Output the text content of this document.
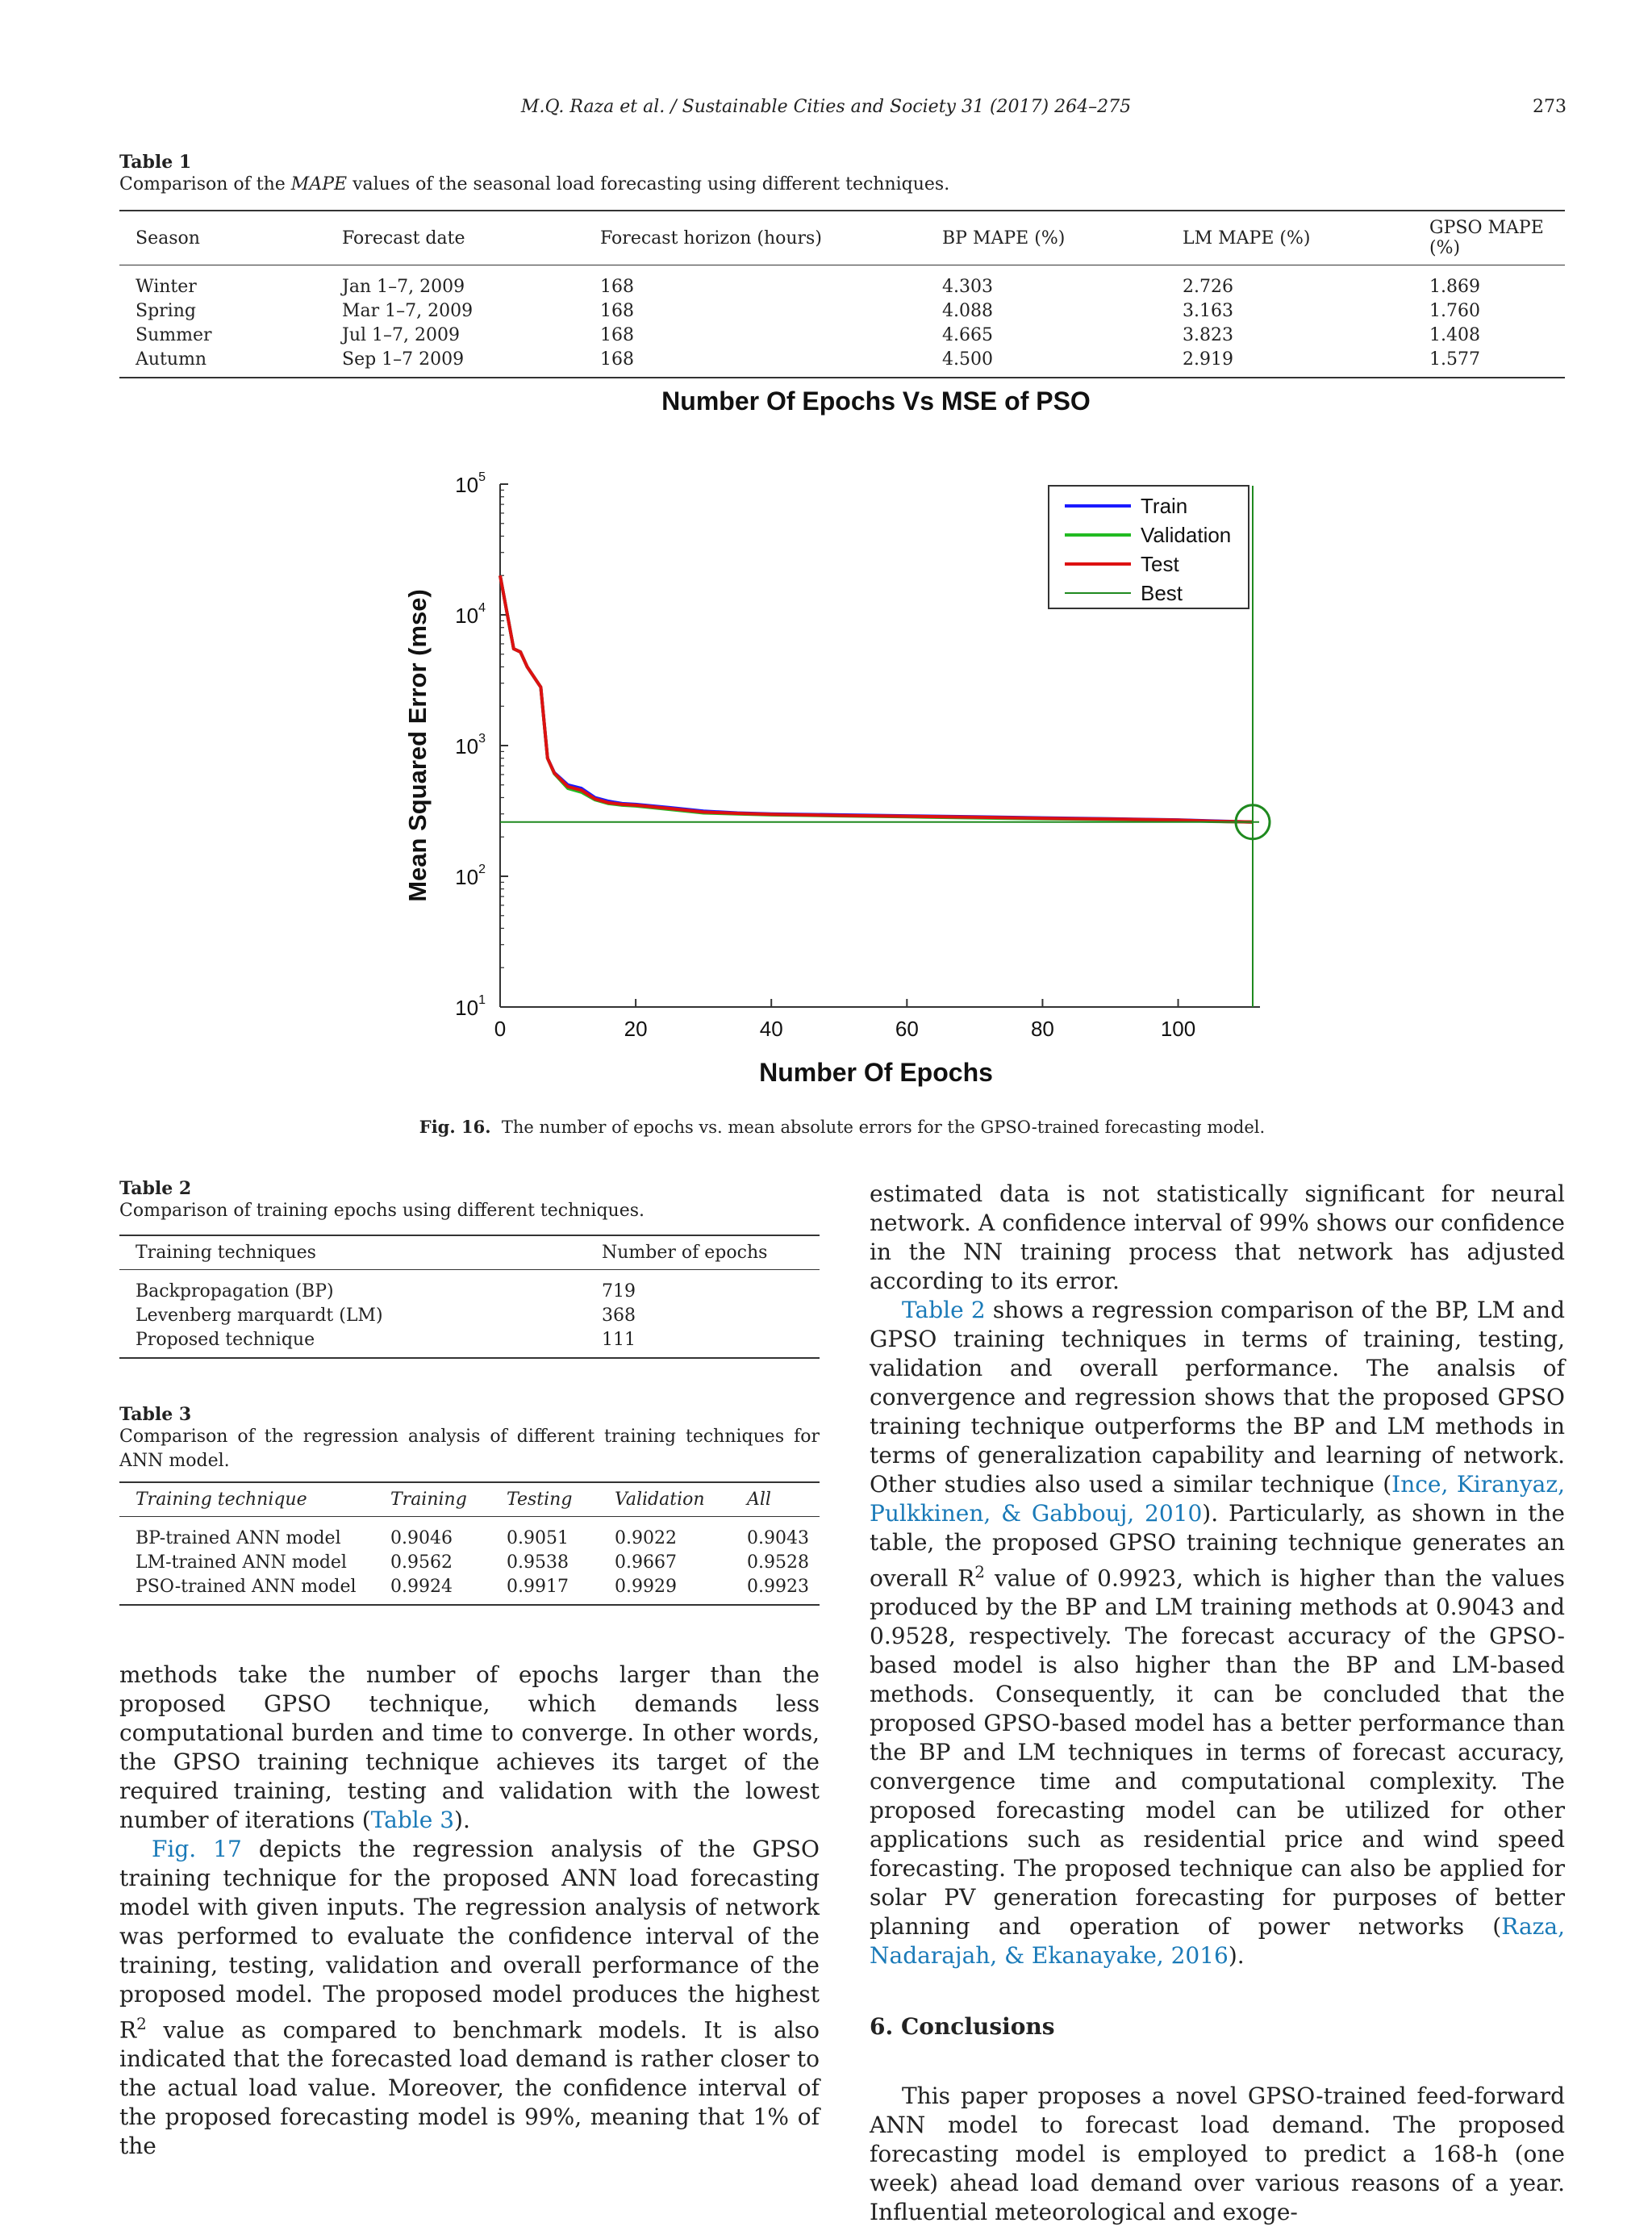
M.Q. Raza et al. / Sustainable Cities and Society 31 (2017) 264–275	273
Table 1
Comparison of the MAPE values of the seasonal load forecasting using different techniques.
Season	Forecast date	Forecast horizon (hours)	BP MAPE (%)	LM MAPE (%)	GPSO MAPE (%)
Winter	Jan 1–7, 2009	168	4.303	2.726	1.869
Spring	Mar 1–7, 2009	168	4.088	3.163	1.760
Summer	Jul 1–7, 2009	168	4.665	3.823	1.408
Autumn	Sep 1–7 2009	168	4.500	2.919	1.577
Number Of Epochs Vs MSE of PSO
$10^1$
$10^2$
$10^3$
$10^4$
$10^5$
0	20	40	60	80	100
Train
Validation
Test
Best
Mean Squared Error (mse)
Number Of Epochs
Fig. 16. The number of epochs vs. mean absolute errors for the GPSO-trained forecasting model.
Table 2
Comparison of training epochs using different techniques.
Training techniques	Number of epochs
Backpropagation (BP)	719
Levenberg marquardt (LM)	368
Proposed technique	111
Table 3
Comparison of the regression analysis of different training techniques for ANN model.
Training technique	Training	Testing	Validation	All
BP-trained ANN model	0.9046	0.9051	0.9022	0.9043
LM-trained ANN model	0.9562	0.9538	0.9667	0.9528
PSO-trained ANN model	0.9924	0.9917	0.9929	0.9923

methods take the number of epochs larger than the proposed GPSO technique, which demands less computational burden and time to converge. In other words, the GPSO training technique achieves its target of the required training, testing and validation with the lowest number of iterations (Table 3).

Fig. 17 depicts the regression analysis of the GPSO training technique for the proposed ANN load forecasting model with given inputs. The regression analysis of network was performed to evaluate the confidence interval of the training, testing, validation and overall performance of the proposed model. The proposed model produces the highest $R^2$ value as compared to benchmark models. It is also indicated that the forecasted load demand is rather closer to the actual load value. Moreover, the confidence interval of the proposed forecasting model is 99%, meaning that 1% of the

estimated data is not statistically significant for neural network. A confidence interval of 99% shows our confidence in the NN training process that network has adjusted according to its error.

Table 2 shows a regression comparison of the BP, LM and GPSO training techniques in terms of training, testing, validation and overall performance. The analsis of convergence and regression shows that the proposed GPSO training technique outperforms the BP and LM methods in terms of generalization capability and learning of network. Other studies also used a similar technique (Ince, Kiranyaz, Pulkkinen, & Gabbouj, 2010). Particularly, as shown in the table, the proposed GPSO training technique generates an overall $R^2$ value of 0.9923, which is higher than the values produced by the BP and LM training methods at 0.9043 and 0.9528, respectively. The forecast accuracy of the GPSO-based model is also higher than the BP and LM-based methods. Consequently, it can be concluded that the proposed GPSO-based model has a better performance than the BP and LM techniques in terms of forecast accuracy, convergence time and computational complexity. The proposed forecasting model can be utilized for other applications such as residential price and wind speed forecasting. The proposed technique can also be applied for solar PV generation forecasting for purposes of better planning and operation of power networks (Raza, Nadarajah, & Ekanayake, 2016).

6. Conclusions

This paper proposes a novel GPSO-trained feed-forward ANN model to forecast load demand. The proposed forecasting model is employed to predict a 168-h (one week) ahead load demand over various reasons of a year. Influential meteorological and exoge-
